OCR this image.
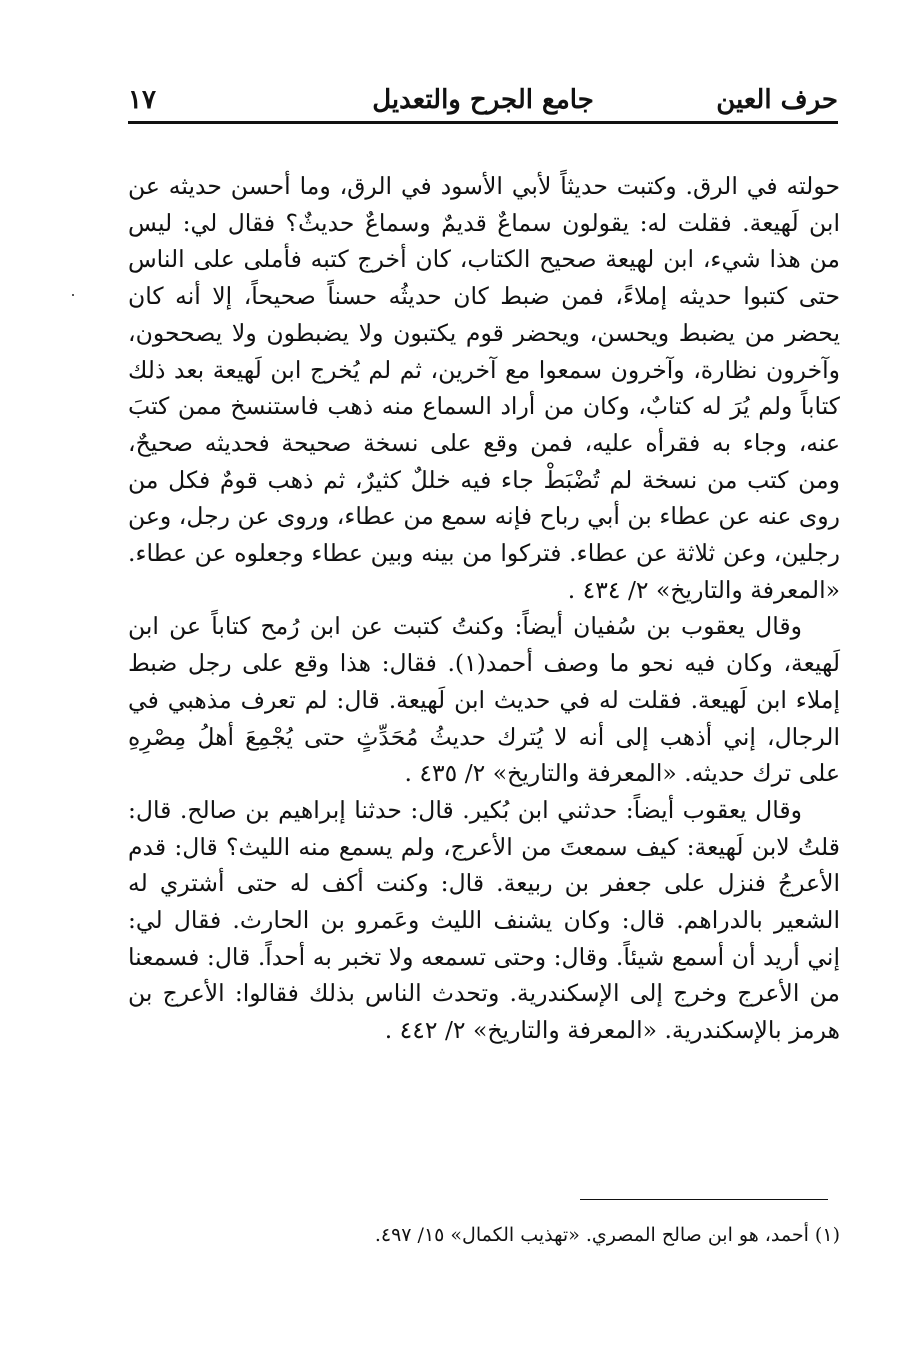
حرف العين
جامع الجرح والتعديل
١٧

حولته في الرق. وكتبت حديثاً لأبي الأسود في الرق، وما أحسن حديثه عن ابن لَهيعة. فقلت له: يقولون سماعٌ قديمٌ وسماعٌ حديثٌ؟ فقال لي: ليس من هذا شيء، ابن لهيعة صحيح الكتاب، كان أخرج كتبه فأملى على الناس حتى كتبوا حديثه إملاءً، فمن ضبط كان حديثُه حسناً صحيحاً، إلا أنه كان يحضر من يضبط ويحسن، ويحضر قوم يكتبون ولا يضبطون ولا يصححون، وآخرون نظارة، وآخرون سمعوا مع آخرين، ثم لم يُخرج ابن لَهيعة بعد ذلك كتاباً ولم يُرَ له كتابٌ، وكان من أراد السماع منه ذهب فاستنسخ ممن كتبَ عنه، وجاء به فقرأه عليه، فمن وقع على نسخة صحيحة فحديثه صحيحٌ، ومن كتب من نسخة لم تُضْبَطْ جاء فيه خللٌ كثيرٌ، ثم ذهب قومٌ فكل من روى عنه عن عطاء بن أبي رباح فإنه سمع من عطاء، وروى عن رجل، وعن رجلين، وعن ثلاثة عن عطاء. فتركوا من بينه وبين عطاء وجعلوه عن عطاء. «المعرفة والتاريخ» ٢/ ٤٣٤ .

وقال يعقوب بن سُفيان أيضاً: وكنتُ كتبت عن ابن رُمح كتاباً عن ابن لَهيعة، وكان فيه نحو ما وصف أحمد(١). فقال: هذا وقع على رجل ضبط إملاء ابن لَهيعة. فقلت له في حديث ابن لَهيعة. قال: لم تعرف مذهبي في الرجال، إني أذهب إلى أنه لا يُترك حديثُ مُحَدِّثٍ حتى يُجْمِعَ أهلُ مِصْرِهِ على ترك حديثه. «المعرفة والتاريخ» ٢/ ٤٣٥ .

وقال يعقوب أيضاً: حدثني ابن بُكير. قال: حدثنا إبراهيم بن صالح. قال: قلتُ لابن لَهيعة: كيف سمعتَ من الأعرج، ولم يسمع منه الليث؟ قال: قدم الأعرجُ فنزل على جعفر بن ربيعة. قال: وكنت أكف له حتى أشتري له الشعير بالدراهم. قال: وكان يشنف الليث وعَمرو بن الحارث. فقال لي: إني أريد أن أسمع شيئاً. وقال: وحتى تسمعه ولا تخبر به أحداً. قال: فسمعنا من الأعرج وخرج إلى الإسكندرية. وتحدث الناس بذلك فقالوا: الأعرج بن هرمز بالإسكندرية. «المعرفة والتاريخ» ٢/ ٤٤٢ .

(١) أحمد، هو ابن صالح المصري. «تهذيب الكمال» ١٥/ ٤٩٧.
